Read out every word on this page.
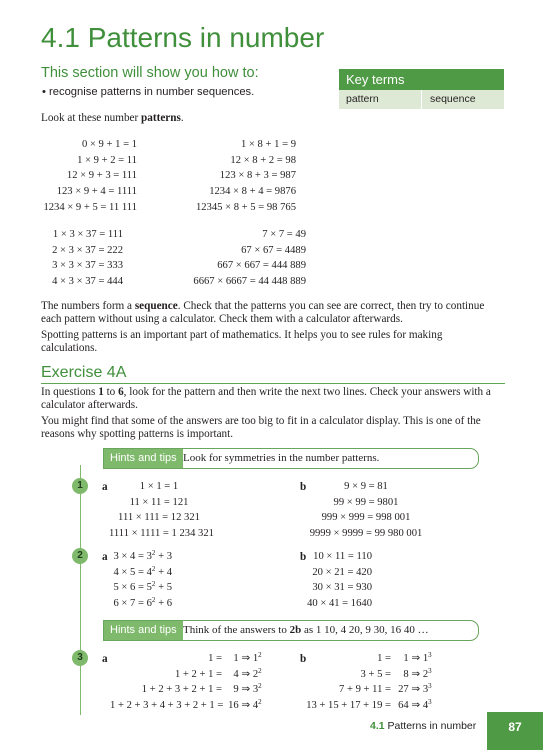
4.1 Patterns in number
This section will show you how to:
• recognise patterns in number sequences.
Key terms
pattern	sequence
Look at these number patterns.
0 × 9 + 1 = 1
1 × 9 + 2 = 11
12 × 9 + 3 = 111
123 × 9 + 4 = 1111
1234 × 9 + 5 = 11 111
1 × 8 + 1 = 9
12 × 8 + 2 = 98
123 × 8 + 3 = 987
1234 × 8 + 4 = 9876
12345 × 8 + 5 = 98 765
1 × 3 × 37 = 111
2 × 3 × 37 = 222
3 × 3 × 37 = 333
4 × 3 × 37 = 444
7 × 7 = 49
67 × 67 = 4489
667 × 667 = 444 889
6667 × 6667 = 44 448 889
The numbers form a sequence. Check that the patterns you can see are correct, then try to continue
each pattern without using a calculator. Check them with a calculator afterwards.
Spotting patterns is an important part of mathematics. It helps you to see rules for making
calculations.
Exercise 4A
In questions 1 to 6, look for the pattern and then write the next two lines. Check your answers with a
calculator afterwards.
You might find that some of the answers are too big to fit in a calculator display. This is one of the
reasons why spotting patterns is important.
Hints and tips Look for symmetries in the number patterns.
1	a	1 × 1 = 1
11 × 11 = 121
111 × 111 = 12 321
1111 × 1111 = 1 234 321
b	9 × 9 = 81
99 × 99 = 9801
999 × 999 = 998 001
9999 × 9999 = 99 980 001
2	a $3 \times 4 = 3^2 + 3$
$4 \times 5 = 4^2 + 4$
$5 \times 6 = 5^2 + 5$
$6 \times 7 = 6^2 + 6$
b 10 × 11 = 110
20 × 21 = 420
30 × 31 = 930
40 × 41 = 1640
Hints and tips Think of the answers to 2b as 1 10, 4 20, 9 30, 16 40 …
3	a	1 = 1 ⇒ $1^2$
1 + 2 + 1 = 4 ⇒ $2^2$
1 + 2 + 3 + 2 + 1 = 9 ⇒ $3^2$
1 + 2 + 3 + 4 + 3 + 2 + 1 = 16 ⇒ $4^2$
b	1 = 1 ⇒ $1^3$
3 + 5 = 8 ⇒ $2^3$
7 + 9 + 11 = 27 ⇒ $3^3$
13 + 15 + 17 + 19 = 64 ⇒ $4^3$
4.1 Patterns in number	87
